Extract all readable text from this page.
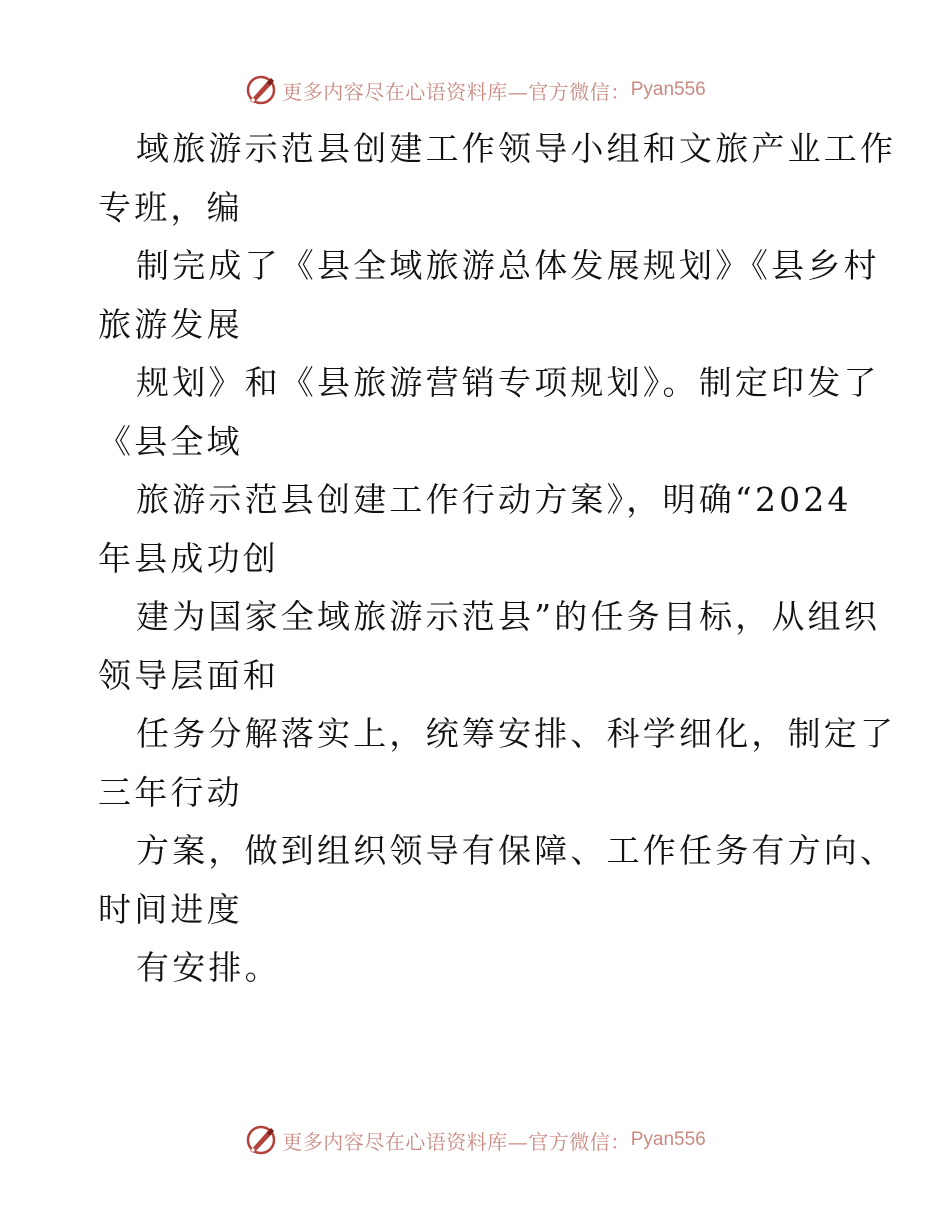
更多内容尽在心语资料库—官方微信： Pyan556
域旅游示范县创建工作领导小组和文旅产业工作
专班，编
制完成了《县全域旅游总体发展规划》《县乡村
旅游发展
规划》和《县旅游营销专项规划》。制定印发了
《县全域
旅游示范县创建工作行动方案》，明确“2024
年县成功创
建为国家全域旅游示范县”的任务目标，从组织
领导层面和
任务分解落实上，统筹安排、科学细化，制定了
三年行动
方案，做到组织领导有保障、工作任务有方向、
时间进度
有安排。
更多内容尽在心语资料库—官方微信： Pyan556
